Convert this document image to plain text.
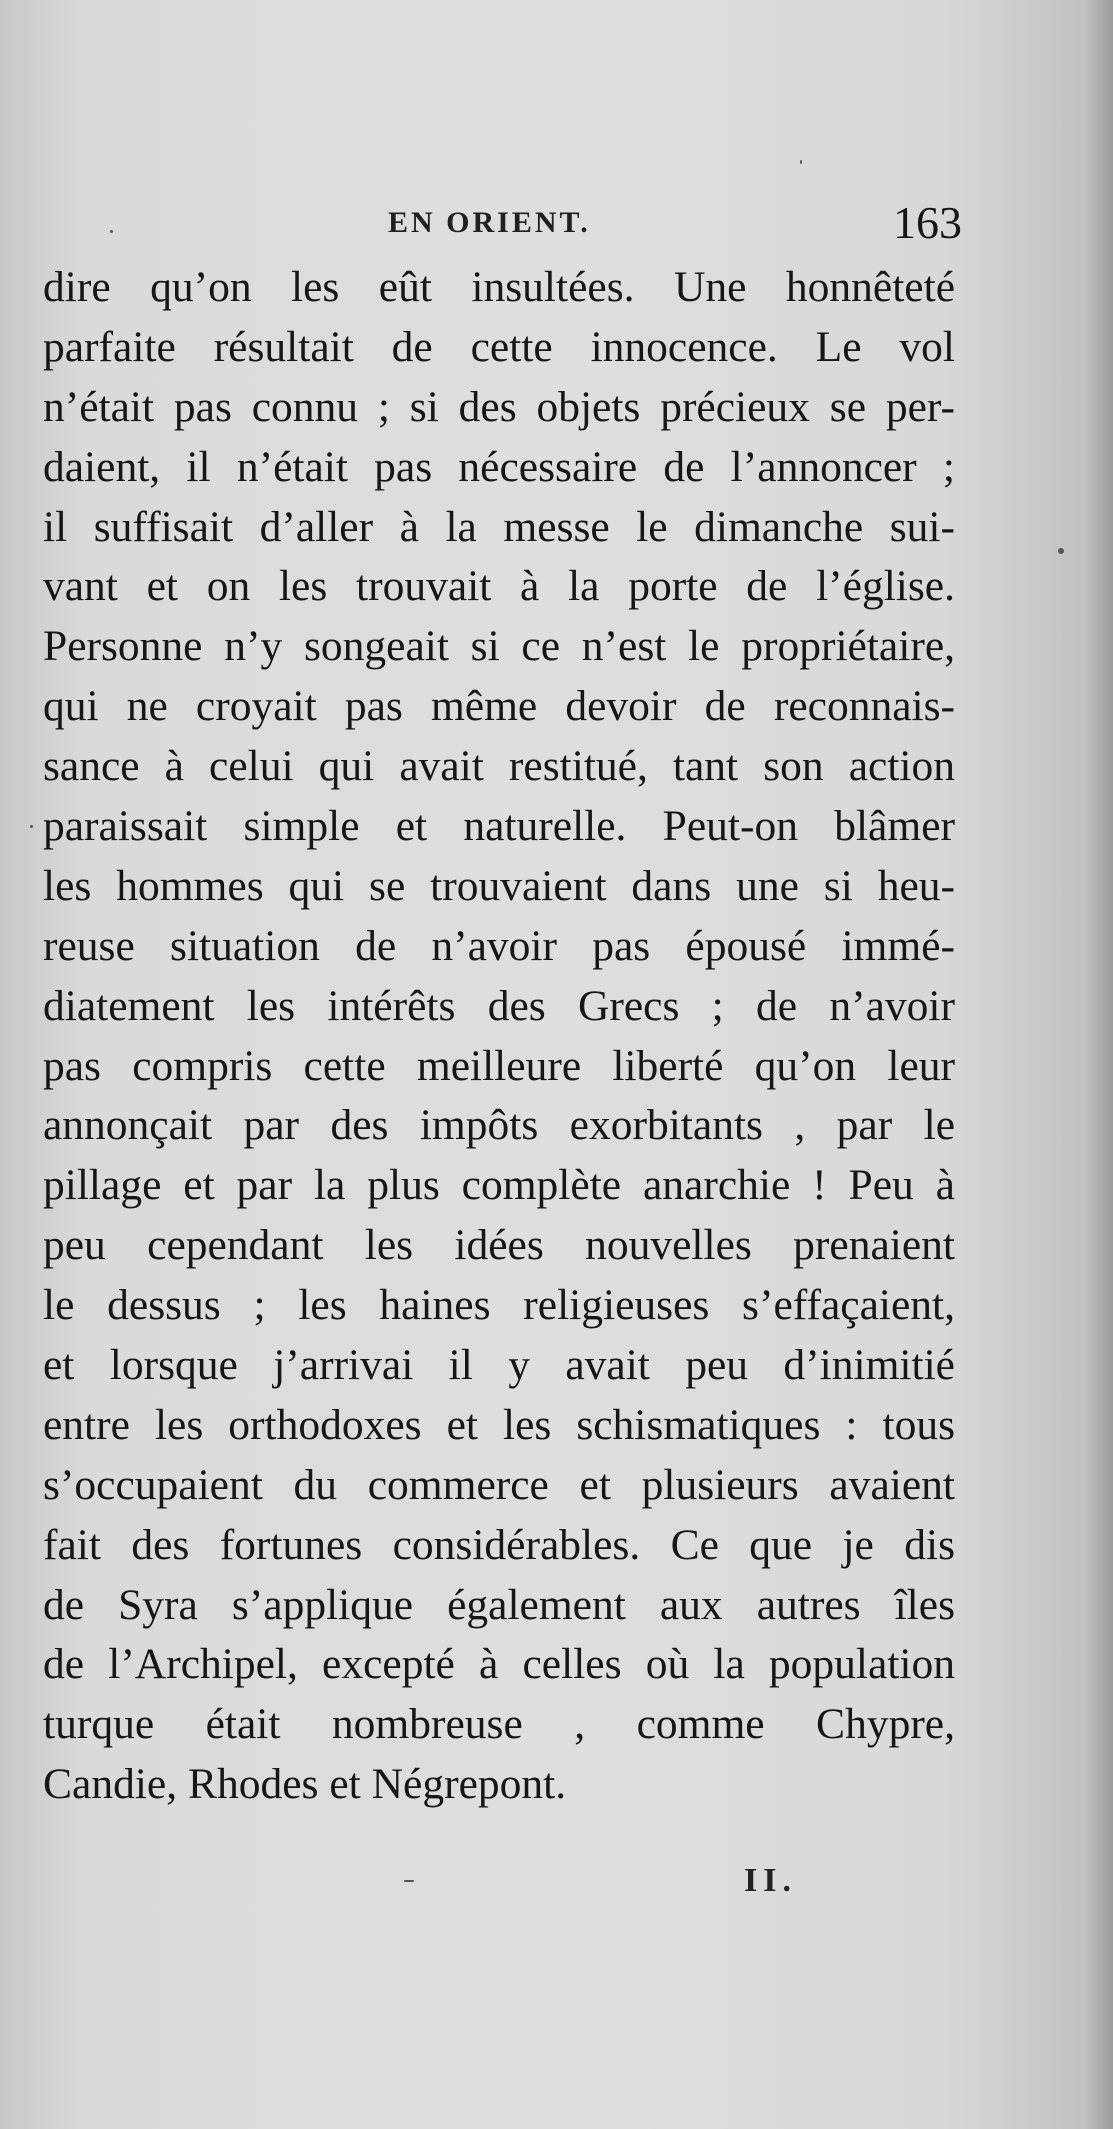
EN ORIENT.	163
dire qu’on les eût insultées. Une honnêteté
parfaite résultait de cette innocence. Le vol
n’était pas connu ; si des objets précieux se per-
daient, il n’était pas nécessaire de l’annoncer ;
il suffisait d’aller à la messe le dimanche sui-
vant et on les trouvait à la porte de l’église.
Personne n’y songeait si ce n’est le propriétaire,
qui ne croyait pas même devoir de reconnais-
sance à celui qui avait restitué, tant son action
paraissait simple et naturelle. Peut-on blâmer
les hommes qui se trouvaient dans une si heu-
reuse situation de n’avoir pas épousé immé-
diatement les intérêts des Grecs ; de n’avoir
pas compris cette meilleure liberté qu’on leur
annonçait par des impôts exorbitants , par le
pillage et par la plus complète anarchie ! Peu à
peu cependant les idées nouvelles prenaient
le dessus ; les haines religieuses s’effaçaient,
et lorsque j’arrivai il y avait peu d’inimitié
entre les orthodoxes et les schismatiques : tous
s’occupaient du commerce et plusieurs avaient
fait des fortunes considérables. Ce que je dis
de Syra s’applique également aux autres îles
de l’Archipel, excepté à celles où la population
turque était nombreuse , comme Chypre,
Candie, Rhodes et Négrepont.
II.
